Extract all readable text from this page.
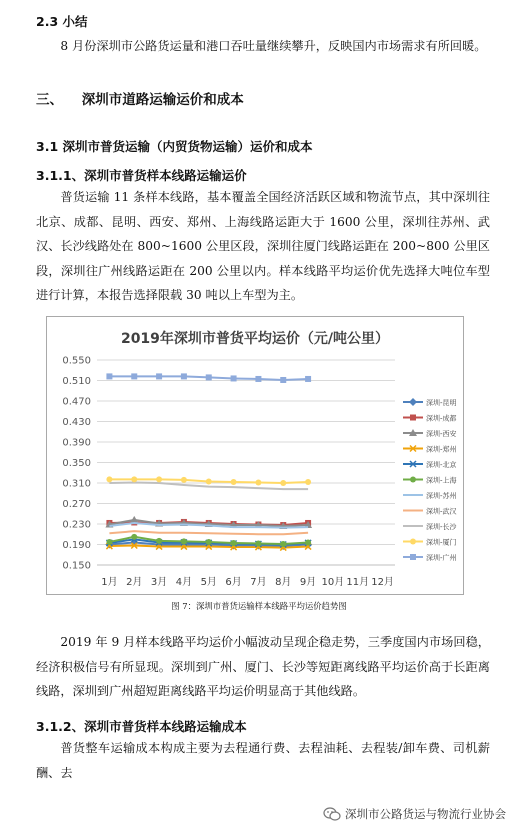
2.3 小结
8 月份深圳市公路货运量和港口吞吐量继续攀升，反映国内市场需求有所回暖。
三、    深圳市道路运输运价和成本
3.1 深圳市普货运输（内贸货物运输）运价和成本
3.1.1、深圳市普货样本线路运输运价
普货运输 11 条样本线路，基本覆盖全国经济活跃区域和物流节点，其中深圳往北京、成都、昆明、西安、郑州、上海线路运距大于 1600 公里，深圳往苏州、武汉、长沙线路处在 800~1600 公里区段，深圳往厦门线路运距在 200~800 公里区段，深圳往广州线路运距在 200 公里以内。样本线路平均运价优先选择大吨位车型进行计算，本报告选择限载 30 吨以上车型为主。
2019年深圳市普货平均运价（元/吨公里）
0.150
0.190
0.230
0.270
0.310
0.350
0.390
0.430
0.470
0.510
0.550
1月 2月 3月 4月 5月 6月 7月 8月 9月 10月 11月 12月
深圳-昆明
深圳-成都
深圳-西安
深圳-郑州
深圳-北京
深圳-上海
深圳-苏州
深圳-武汉
深圳-长沙
深圳-厦门
深圳-广州
图 7：深圳市普货运输样本线路平均运价趋势图
2019 年 9 月样本线路平均运价小幅波动呈现企稳走势，三季度国内市场回稳，经济积极信号有所显现。深圳到广州、厦门、长沙等短距离线路平均运价高于长距离线路，深圳到广州超短距离线路平均运价明显高于其他线路。
3.1.2、深圳市普货样本线路运输成本
普货整车运输成本构成主要为去程通行费、去程油耗、去程装/卸车费、司机薪酬、去
深圳市公路货运与物流行业协会
